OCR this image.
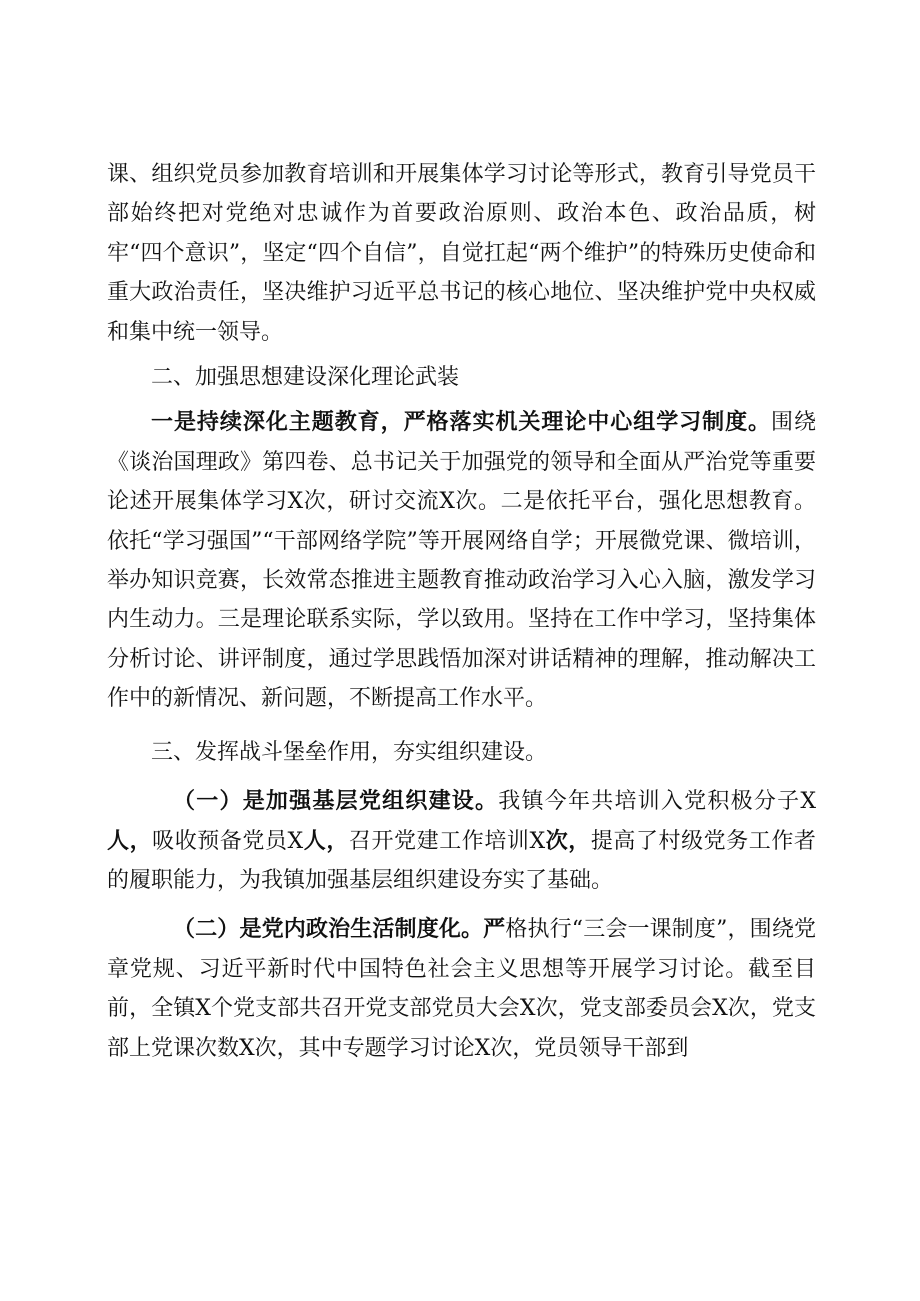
课、组织党员参加教育培训和开展集体学习讨论等形式，教育引导党员干部始终把对党绝对忠诚作为首要政治原则、政治本色、政治品质，树牢“四个意识”，坚定“四个自信”，自觉扛起“两个维护”的特殊历史使命和重大政治责任，坚决维护习近平总书记的核心地位、坚决维护党中央权威和集中统一领导。

二、加强思想建设深化理论武装

一是持续深化主题教育，严格落实机关理论中心组学习制度。围绕《谈治国理政》第四卷、总书记关于加强党的领导和全面从严治党等重要论述开展集体学习X次，研讨交流X次。二是依托平台，强化思想教育。依托“学习强国”“干部网络学院”等开展网络自学；开展微党课、微培训，举办知识竞赛，长效常态推进主题教育推动政治学习入心入脑，激发学习内生动力。三是理论联系实际，学以致用。坚持在工作中学习，坚持集体分析讨论、讲评制度，通过学思践悟加深对讲话精神的理解，推动解决工作中的新情况、新问题，不断提高工作水平。

三、发挥战斗堡垒作用，夯实组织建设。

（一）是加强基层党组织建设。我镇今年共培训入党积极分子X人，吸收预备党员X人，召开党建工作培训X次，提高了村级党务工作者的履职能力，为我镇加强基层组织建设夯实了基础。

（二）是党内政治生活制度化。严格执行“三会一课制度”，围绕党章党规、习近平新时代中国特色社会主义思想等开展学习讨论。截至目前，全镇X个党支部共召开党支部党员大会X次，党支部委员会X次，党支部上党课次数X次，其中专题学习讨论X次，党员领导干部到
